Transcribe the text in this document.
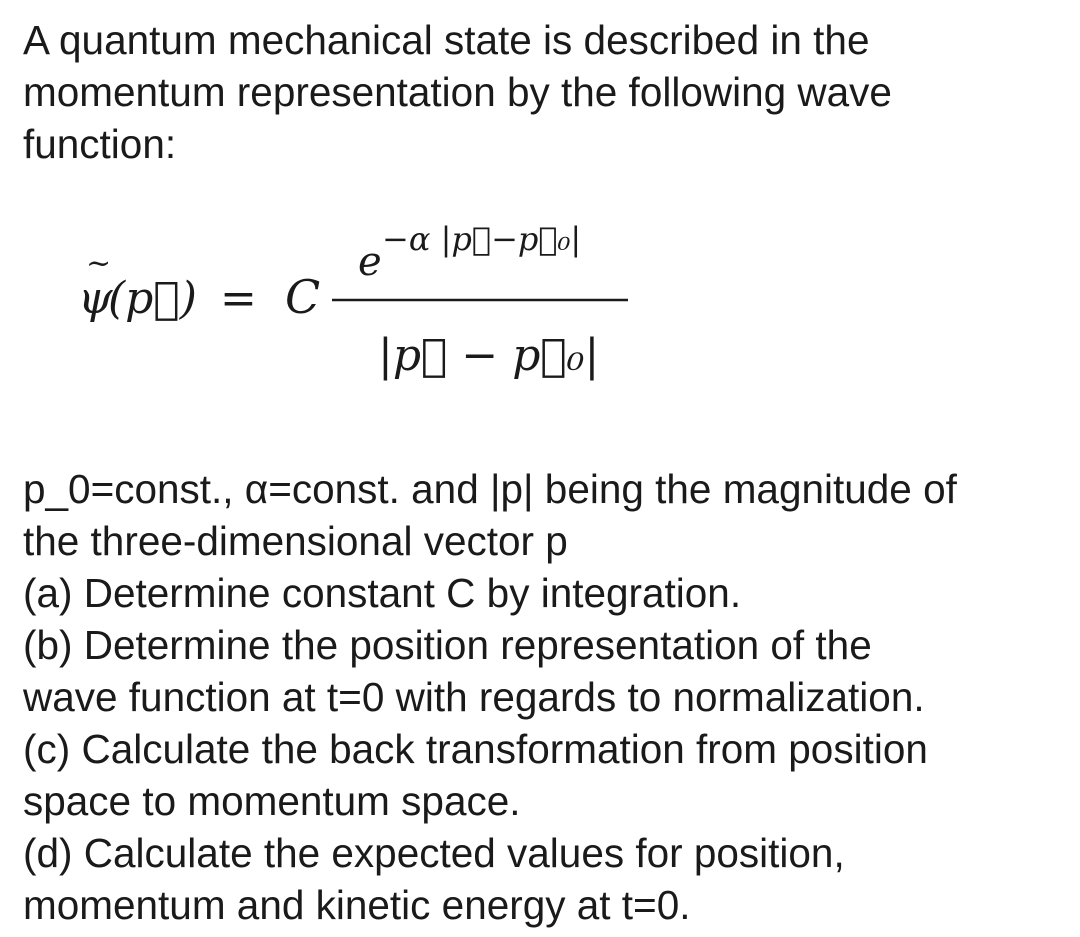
A quantum mechanical state is described in the
momentum representation by the following wave
function:
ψ
~
(p⃗) = C
e −α |p⃗−p⃗₀|
|p⃗ − p⃗₀|
p_0=const., α=const. and |p| being the magnitude of
the three-dimensional vector p
(a) Determine constant C by integration.
(b) Determine the position representation of the
wave function at t=0 with regards to normalization.
(c) Calculate the back transformation from position
space to momentum space.
(d) Calculate the expected values for position,
momentum and kinetic energy at t=0.
